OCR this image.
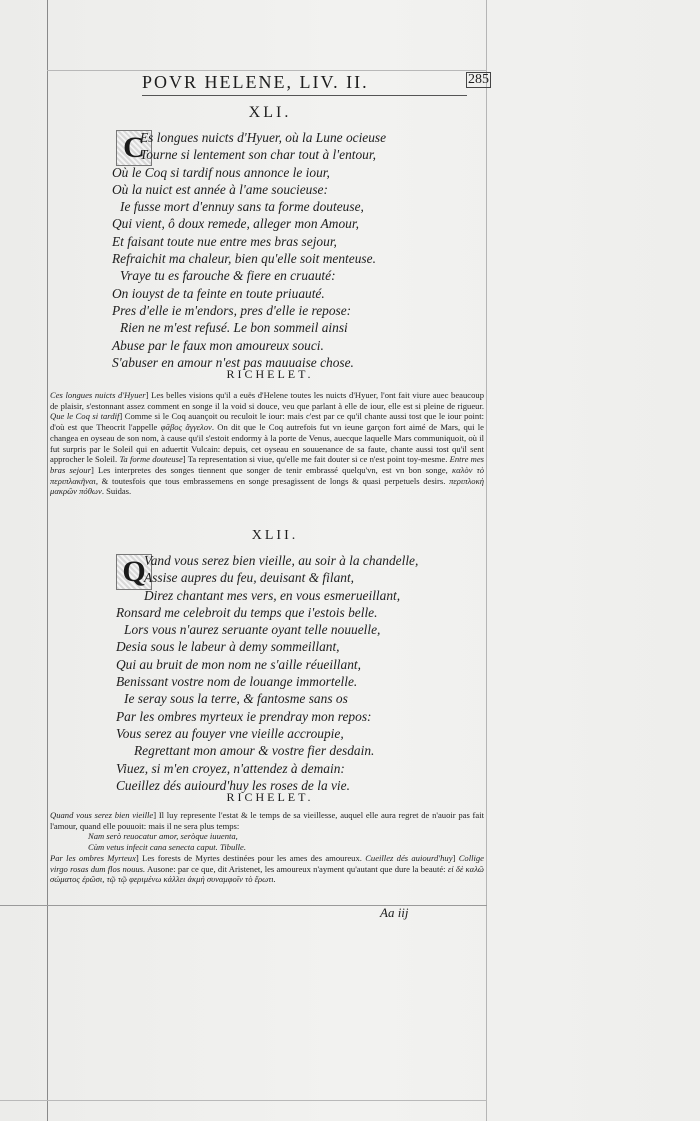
POVR HELENE, LIV. II.	285
XLI.
C
Es longues nuicts d'Hyuer, où la Lune ocieuse
Tourne si lentement son char tout à l'entour,
Où le Coq si tardif nous annonce le iour,
Où la nuict est année à l'ame soucieuse:
Ie fusse mort d'ennuy sans ta forme douteuse,
Qui vient, ô doux remede, alleger mon Amour,
Et faisant toute nue entre mes bras sejour,
Refraichit ma chaleur, bien qu'elle soit menteuse.
Vraye tu es farouche & fiere en cruauté:
On iouyst de ta feinte en toute priuauté.
Pres d'elle ie m'endors, pres d'elle ie repose:
Rien ne m'est refusé. Le bon sommeil ainsi
Abuse par le faux mon amoureux souci.
S'abuser en amour n'est pas mauuaise chose.
RICHELET.

Ces longues nuicts d'Hyuer] Les belles visions qu'il a euës d'Helene toutes les nuicts d'Hyuer, l'ont fait viure auec beaucoup de plaisir, s'estonnant assez comment en songe il la void si douce, veu que parlant à elle de iour, elle est si pleine de rigueur. Que le Coq si tardif] Comme si le Coq auançoit ou reculoit le iour: mais c'est par ce qu'il chante aussi tost que le iour point: d'où est que Theocrit l'appelle φᾶβος ἄγγελον. On dit que le Coq autrefois fut vn ieune garçon fort aimé de Mars, qui le changea en oyseau de son nom, à cause qu'il s'estoit endormy à la porte de Venus, auecque laquelle Mars communiquoit, où il fut surpris par le Soleil qui en aduertit Vulcain: depuis, cet oyseau en souuenance de sa faute, chante aussi tost qu'il sent approcher le Soleil. Ta forme douteuse] Ta representation si viue, qu'elle me fait douter si ce n'est point toy-mesme. Entre mes bras sejour] Les interpretes des songes tiennent que songer de tenir embrassé quelqu'vn, est vn bon songe, καλὸν τὸ περιπλακῆναι, & toutesfois que tous embrassemens en songe presagissent de longs & quasi perpetuels desirs. περιπλοκὴ μακρῶν πόθων. Suidas.

XLII.
Q
Vand vous serez bien vieille, au soir à la chandelle,
Assise aupres du feu, deuisant & filant,
Direz chantant mes vers, en vous esmerueillant,
Ronsard me celebroit du temps que i'estois belle.
Lors vous n'aurez seruante oyant telle nouuelle,
Desia sous le labeur à demy sommeillant,
Qui au bruit de mon nom ne s'aille réueillant,
Benissant vostre nom de louange immortelle.
Ie seray sous la terre, & fantosme sans os
Par les ombres myrteux ie prendray mon repos:
Vous serez au fouyer vne vieille accroupie,
Regrettant mon amour & vostre fier desdain.
Viuez, si m'en croyez, n'attendez à demain:
Cueillez dés auiourd'huy les roses de la vie.
RICHELET.

Quand vous serez bien vieille] Il luy represente l'estat & le temps de sa vieillesse, auquel elle aura regret de n'auoir pas fait l'amour, quand elle pouuoit: mais il ne sera plus temps:

Nam serò reuocatur amor, seròque iuuenta,
Cùm vetus infecit cana senecta caput. Tibulle.

Par les ombres Myrteux] Les forests de Myrtes destinées pour les ames des amoureux. Cueillez dés auiourd'huy] Collige virgo rosas dum flos nouus. Ausone: par ce que, dit Aristenet, les amoureux n'ayment qu'autant que dure la beauté: εἰ δὲ καλῶ σώματος ἐρῶσι, τῷ τῷ φεριμένω κάλλει ἀκμὴ συναμφοῖν τὸ ἔρωτι.

Aa iij
